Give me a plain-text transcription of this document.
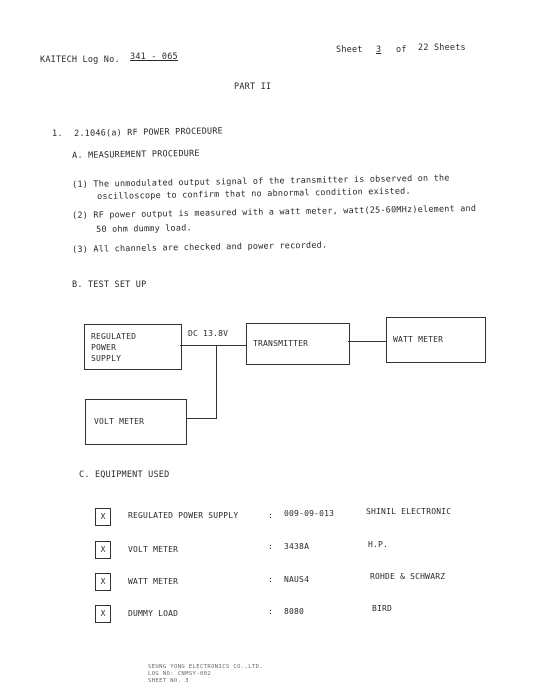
KAITECH Log No. 341 - 065
Sheet 3 of 22 Sheets
PART II
1. 2.1046(a) RF POWER PROCEDURE
A. MEASUREMENT PROCEDURE
(1) The unmodulated output signal of the transmitter is observed on the
oscilloscope to confirm that no abnormal condition existed.
(2) RF power output is measured with a watt meter, watt(25-60MHz)element and
50 ohm dummy load.
(3) All channels are checked and power recorded.
B. TEST SET UP
REGULATED
POWER
SUPPLY
DC 13.8V
TRANSMITTER	WATT METER
VOLT METER
C. EQUIPMENT USED
X	REGULATED POWER SUPPLY	: 009-09-013	SHINIL ELECTRONIC
X	VOLT METER	: 3438A	H.P.
X	WATT METER	: NAUS4	ROHDE & SCHWARZ
X	DUMMY LOAD	: 8080	BIRD
SEUNG YONG ELECTRONICS CO.,LTD.
LOG NO: CNMSY-002
SHEET NO. 3
